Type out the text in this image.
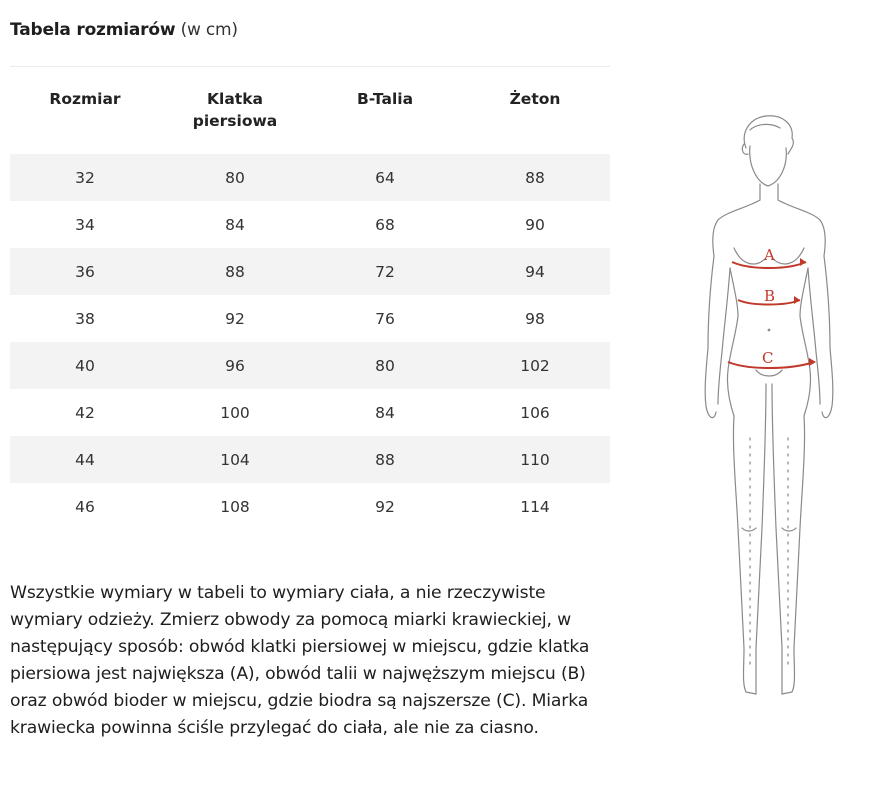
Tabela rozmiarów (w cm)
Rozmiar	Klatka piersiowa	B-Talia	Żeton
32	80	64	88
34	84	68	90
36	88	72	94
38	92	76	98
40	96	80	102
42	100	84	106
44	104	88	110
46	108	92	114
Wszystkie wymiary w tabeli to wymiary ciała, a nie rzeczywiste wymiary odzieży. Zmierz obwody za pomocą miarki krawieckiej, w następujący sposób: obwód klatki piersiowej w miejscu, gdzie klatka piersiowa jest największa (A), obwód talii w najwęższym miejscu (B) oraz obwód bioder w miejscu, gdzie biodra są najszersze (C). Miarka krawiecka powinna ściśle przylegać do ciała, ale nie za ciasno.
A
B
C
